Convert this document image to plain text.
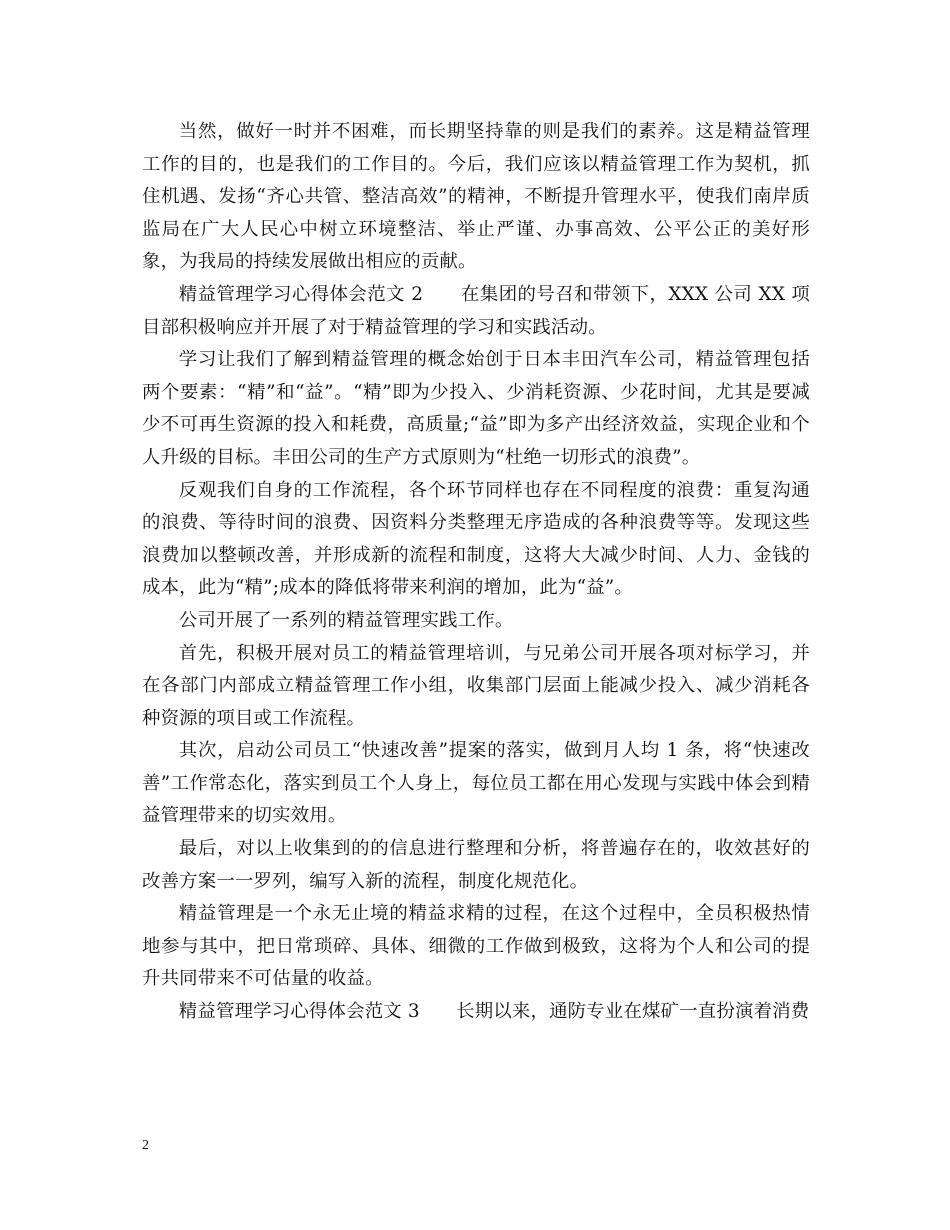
当然，做好一时并不困难，而长期坚持靠的则是我们的素养。这是精益管理工作的目的，也是我们的工作目的。今后，我们应该以精益管理工作为契机，抓住机遇、发扬“齐心共管、整洁高效”的精神，不断提升管理水平，使我们南岸质监局在广大人民心中树立环境整洁、举止严谨、办事高效、公平公正的美好形象，为我局的持续发展做出相应的贡献。

精益管理学习心得体会范文 2 在集团的号召和带领下，XXX 公司 XX 项目部积极响应并开展了对于精益管理的学习和实践活动。

学习让我们了解到精益管理的概念始创于日本丰田汽车公司，精益管理包括两个要素：“精”和“益”。“精”即为少投入、少消耗资源、少花时间，尤其是要减少不可再生资源的投入和耗费，高质量;“益”即为多产出经济效益，实现企业和个人升级的目标。丰田公司的生产方式原则为“杜绝一切形式的浪费”。

反观我们自身的工作流程，各个环节同样也存在不同程度的浪费：重复沟通的浪费、等待时间的浪费、因资料分类整理无序造成的各种浪费等等。发现这些浪费加以整顿改善，并形成新的流程和制度，这将大大减少时间、人力、金钱的成本，此为“精”;成本的降低将带来利润的增加，此为“益”。

公司开展了一系列的精益管理实践工作。

首先，积极开展对员工的精益管理培训，与兄弟公司开展各项对标学习，并在各部门内部成立精益管理工作小组，收集部门层面上能减少投入、减少消耗各种资源的项目或工作流程。

其次，启动公司员工“快速改善”提案的落实，做到月人均 1 条，将“快速改善”工作常态化，落实到员工个人身上，每位员工都在用心发现与实践中体会到精益管理带来的切实效用。

最后，对以上收集到的的信息进行整理和分析，将普遍存在的，收效甚好的改善方案一一罗列，编写入新的流程，制度化规范化。

精益管理是一个永无止境的精益求精的过程，在这个过程中，全员积极热情地参与其中，把日常琐碎、具体、细微的工作做到极致，这将为个人和公司的提升共同带来不可估量的收益。

精益管理学习心得体会范文 3 长期以来，通防专业在煤矿一直扮演着消费

2
